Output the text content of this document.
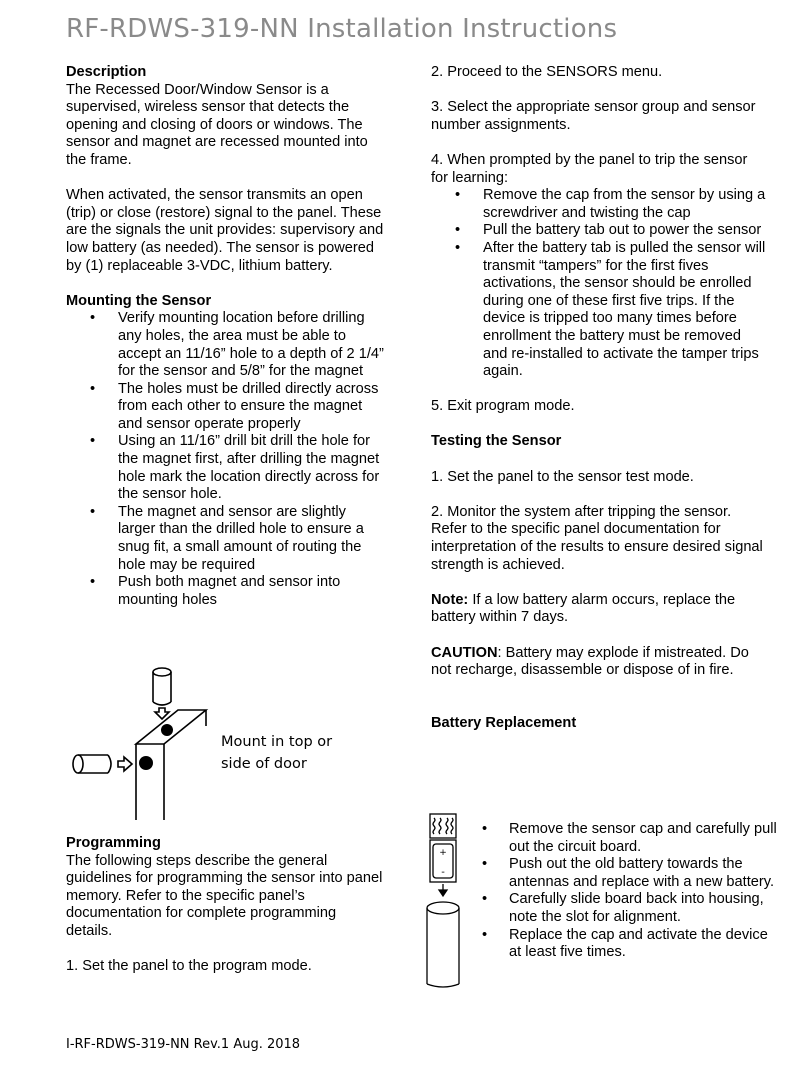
RF-RDWS-319-NN Installation Instructions
Description

The Recessed Door/Window Sensor is a supervised, wireless sensor that detects the opening and closing of doors or windows. The sensor and magnet are recessed mounted into the frame.

When activated, the sensor transmits an open (trip) or close (restore) signal to the panel. These are the signals the unit provides: supervisory and low battery (as needed). The sensor is powered by (1) replaceable 3-VDC, lithium battery.

Mounting the Sensor
• Verify mounting location before drilling any holes, the area must be able to accept an 11/16” hole to a depth of 2 1/4” for the sensor and 5/8” for the magnet
• The holes must be drilled directly across from each other to ensure the magnet and sensor operate properly
• Using an 11/16” drill bit drill the hole for the magnet first, after drilling the magnet hole mark the location directly across for the sensor hole.
• The magnet and sensor are slightly larger than the drilled hole to ensure a snug fit, a small amount of routing the hole may be required
• Push both magnet and sensor into mounting holes
Mount in top or
side of door
Programming

The following steps describe the general guidelines for programming the sensor into panel memory. Refer to the specific panel’s documentation for complete programming details.

1. Set the panel to the program mode.

2. Proceed to the SENSORS menu.

3. Select the appropriate sensor group and sensor number assignments.

4. When prompted by the panel to trip the sensor for learning:
• Remove the cap from the sensor by using a screwdriver and twisting the cap
• Pull the battery tab out to power the sensor
• After the battery tab is pulled the sensor will transmit “tampers” for the first fives activations, the sensor should be enrolled during one of these first five trips. If the device is tripped too many times before enrollment the battery must be removed and re-installed to activate the tamper trips again.

5. Exit program mode.

Testing the Sensor

1. Set the panel to the sensor test mode.

2. Monitor the system after tripping the sensor. Refer to the specific panel documentation for interpretation of the results to ensure desired signal strength is achieved.

Note: If a low battery alarm occurs, replace the battery within 7 days.

CAUTION: Battery may explode if mistreated. Do not recharge, disassemble or dispose of in fire.

Battery Replacement
+
-
• Remove the sensor cap and carefully pull out the circuit board.
• Push out the old battery towards the antennas and replace with a new battery.
• Carefully slide board back into housing, note the slot for alignment.
• Replace the cap and activate the device at least five times.
I-RF-RDWS-319-NN Rev.1 Aug. 2018
